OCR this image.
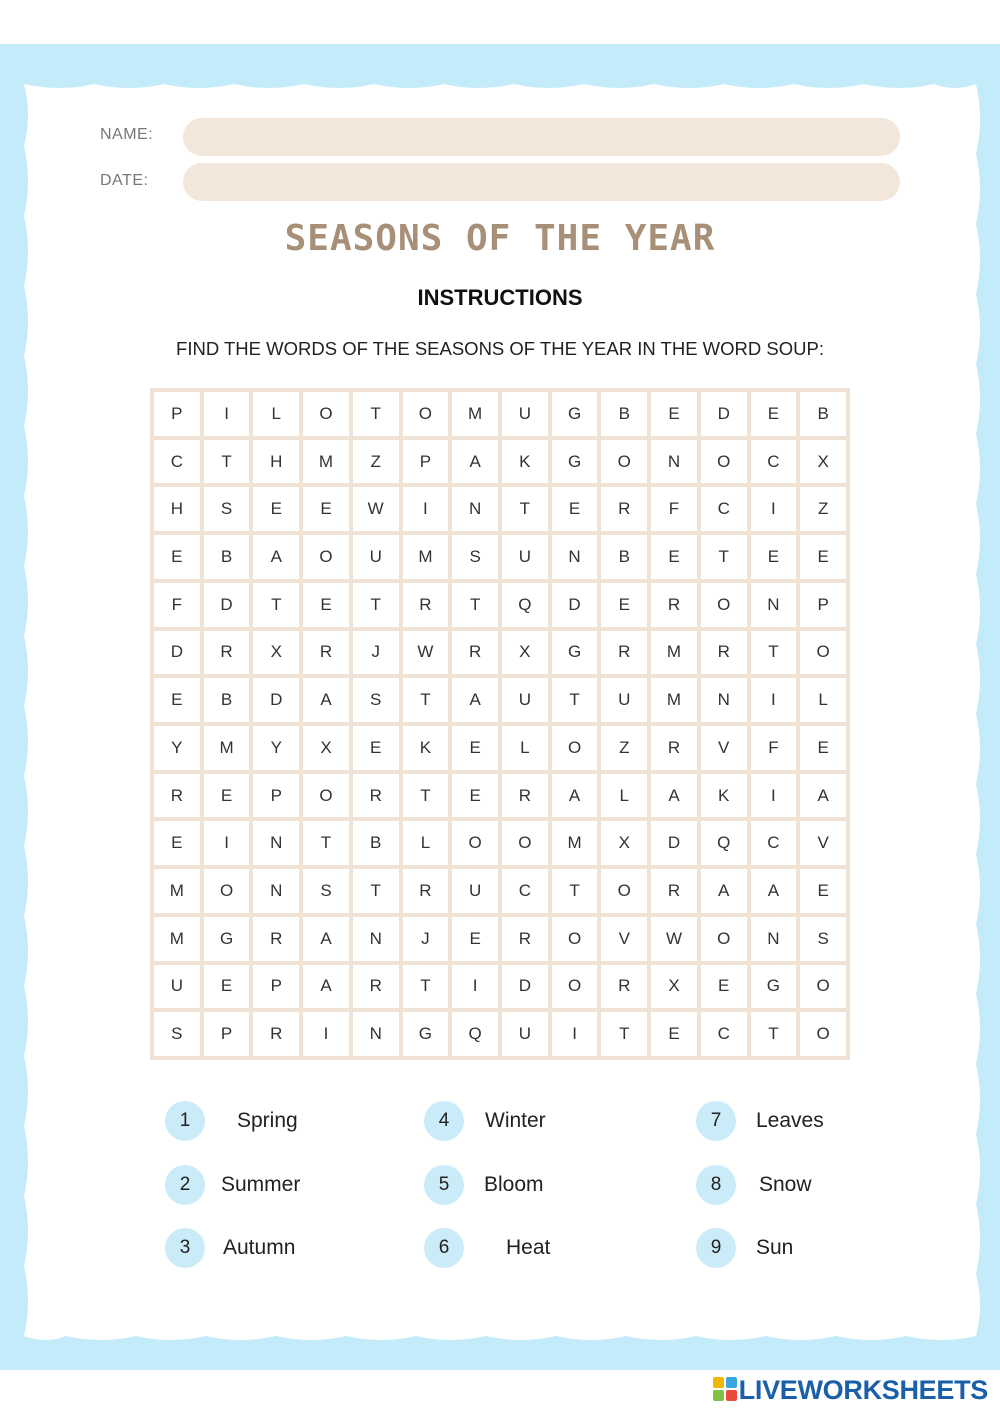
NAME:
DATE:
SEASONS OF THE YEAR
INSTRUCTIONS
FIND THE WORDS OF THE SEASONS OF THE YEAR IN THE WORD SOUP:
P	I	L	O	T	O	M	U	G	B	E	D	E	B
C	T	H	M	Z	P	A	K	G	O	N	O	C	X
H	S	E	E	W	I	N	T	E	R	F	C	I	Z
E	B	A	O	U	M	S	U	N	B	E	T	E	E
F	D	T	E	T	R	T	Q	D	E	R	O	N	P
D	R	X	R	J	W	R	X	G	R	M	R	T	O
E	B	D	A	S	T	A	U	T	U	M	N	I	L
Y	M	Y	X	E	K	E	L	O	Z	R	V	F	E
R	E	P	O	R	T	E	R	A	L	A	K	I	A
E	I	N	T	B	L	O	O	M	X	D	Q	C	V
M	O	N	S	T	R	U	C	T	O	R	A	A	E
M	G	R	A	N	J	E	R	O	V	W	O	N	S
U	E	P	A	R	T	I	D	O	R	X	E	G	O
S	P	R	I	N	G	Q	U	I	T	E	C	T	O
1	Spring
2	Summer
3	Autumn
4	Winter
5	Bloom
6	Heat
7	Leaves
8	Snow
9	Sun
LIVEWORKSHEETS
